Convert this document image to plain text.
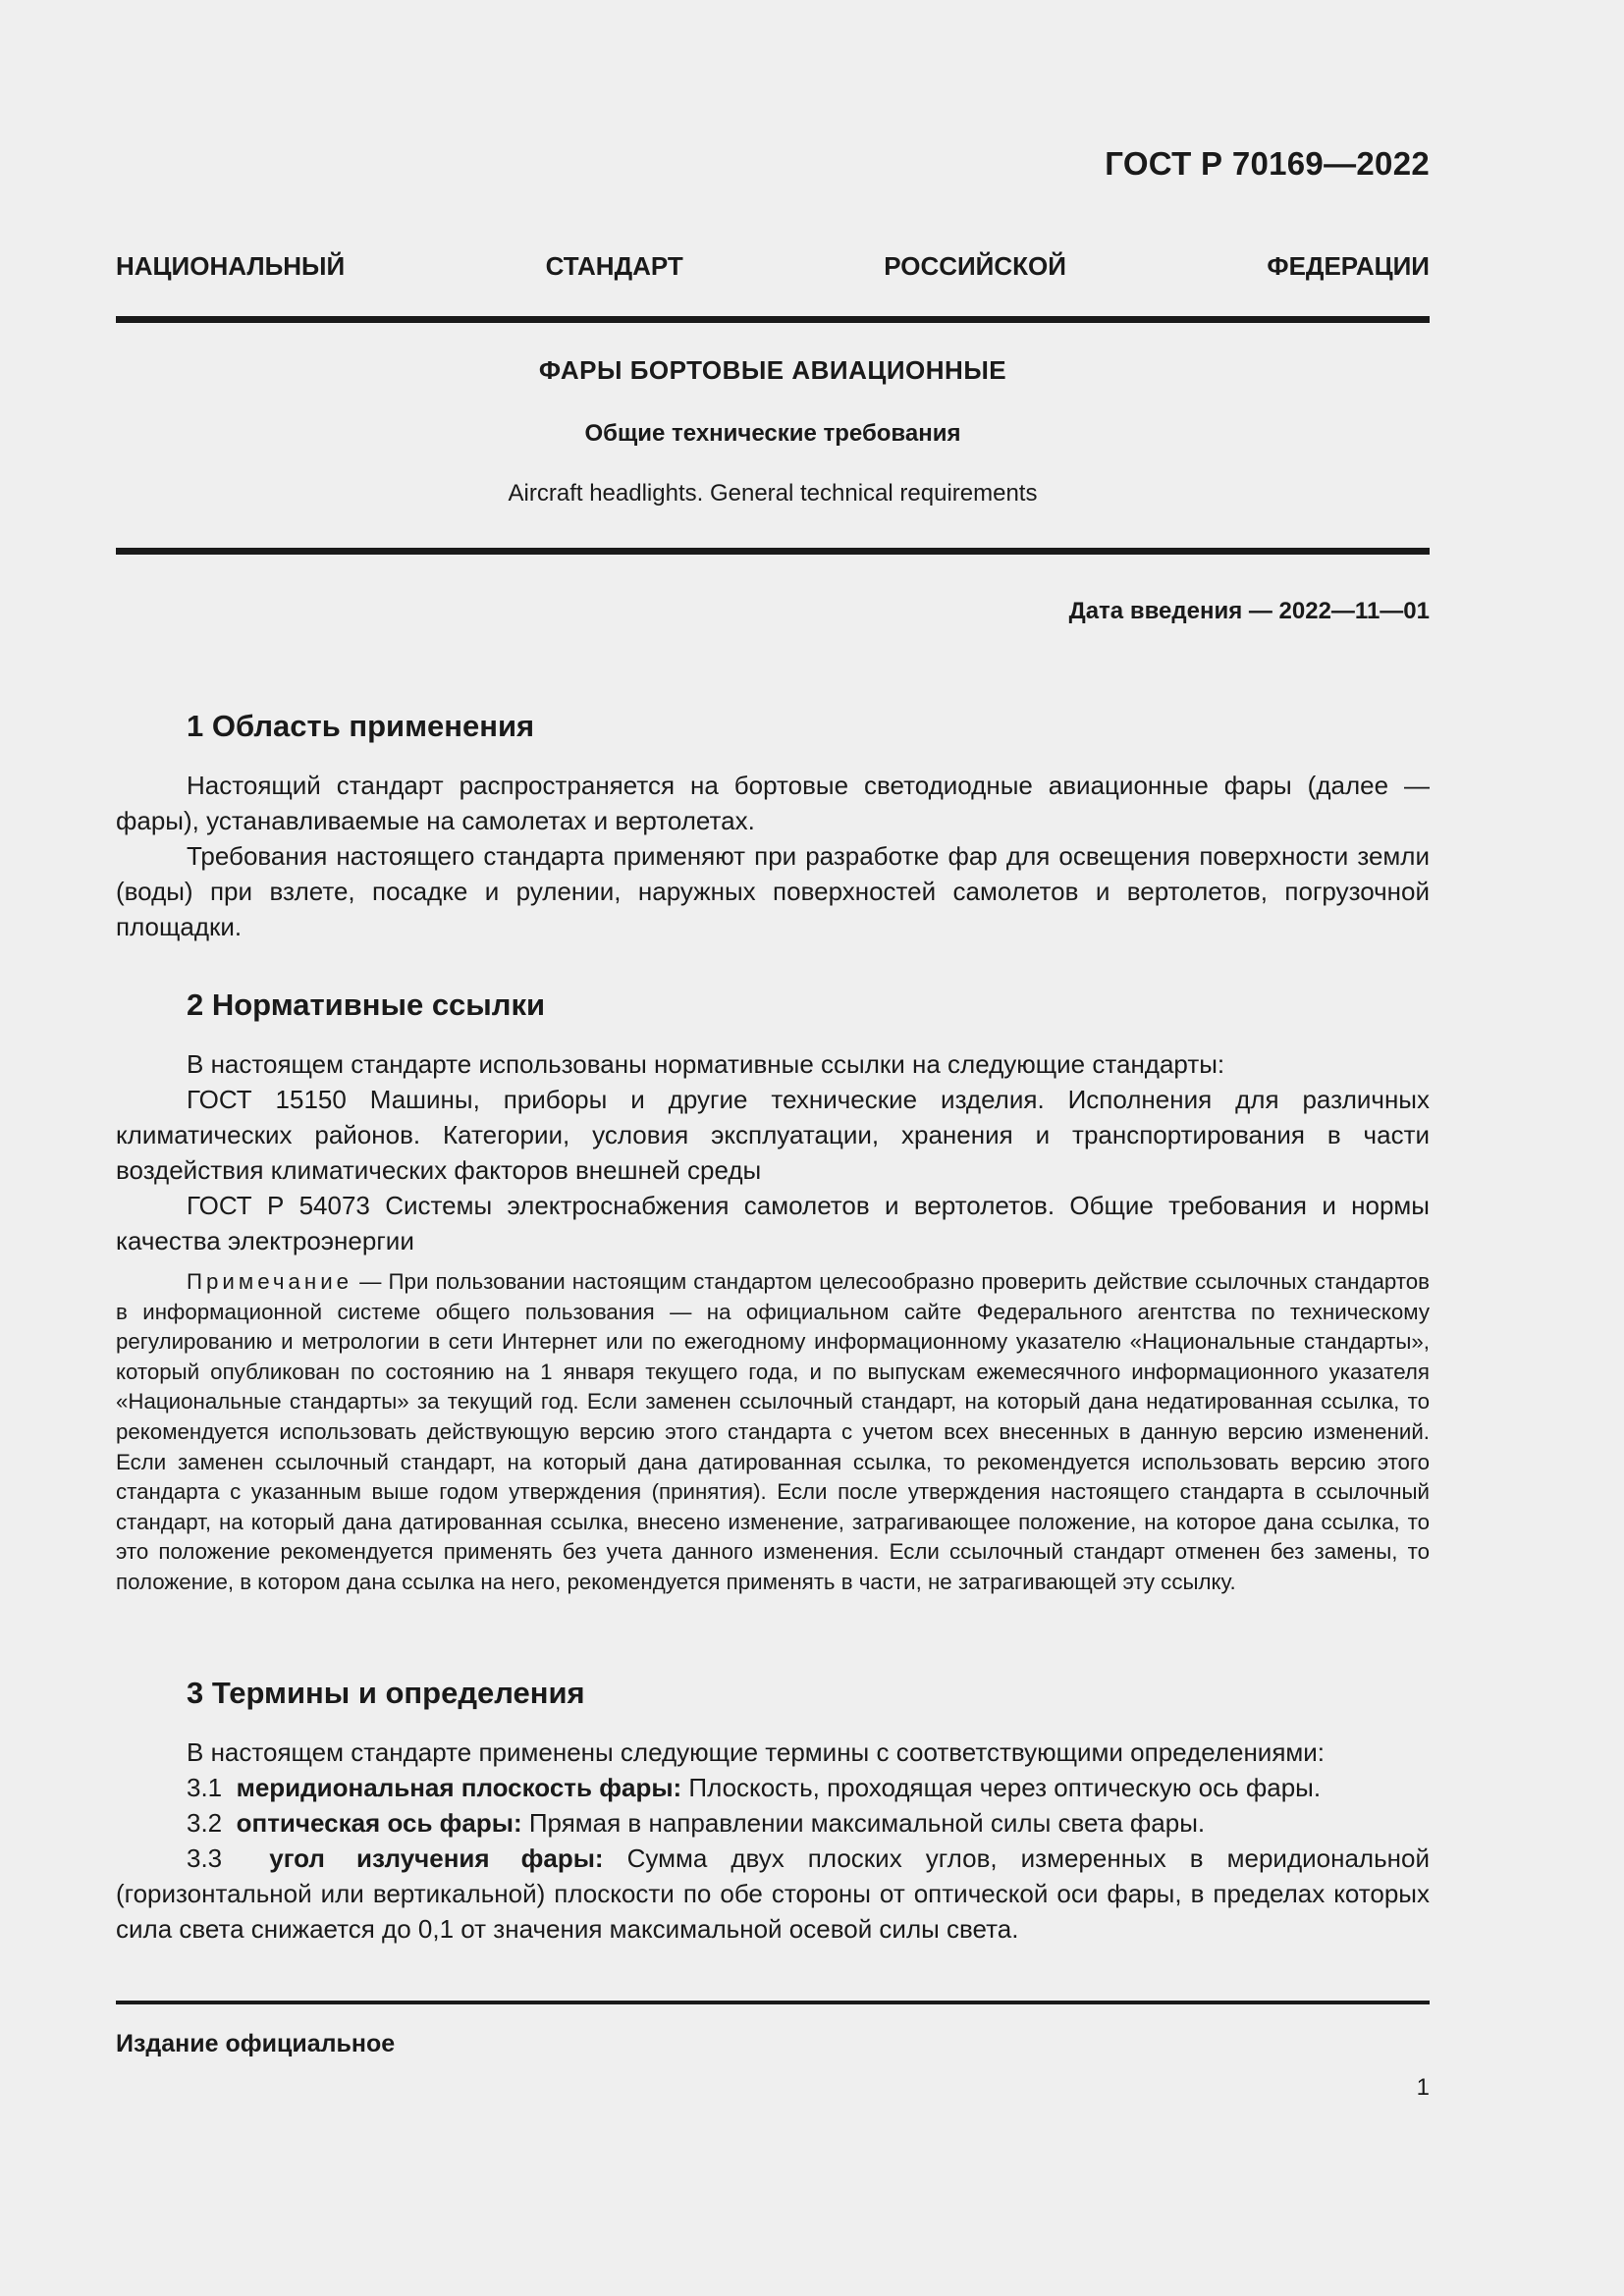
ГОСТ Р 70169—2022
НАЦИОНАЛЬНЫЙ СТАНДАРТ РОССИЙСКОЙ ФЕДЕРАЦИИ
ФАРЫ БОРТОВЫЕ АВИАЦИОННЫЕ
Общие технические требования
Aircraft headlights. General technical requirements
Дата введения — 2022—11—01
1 Область применения

Настоящий стандарт распространяется на бортовые светодиодные авиационные фары (далее — фары), устанавливаемые на самолетах и вертолетах.

Требования настоящего стандарта применяют при разработке фар для освещения поверхности земли (воды) при взлете, посадке и рулении, наружных поверхностей самолетов и вертолетов, погрузочной площадки.

2 Нормативные ссылки

В настоящем стандарте использованы нормативные ссылки на следующие стандарты:

ГОСТ 15150 Машины, приборы и другие технические изделия. Исполнения для различных климатических районов. Категории, условия эксплуатации, хранения и транспортирования в части воздействия климатических факторов внешней среды

ГОСТ Р 54073 Системы электроснабжения самолетов и вертолетов. Общие требования и нормы качества электроэнергии

Примечание — При пользовании настоящим стандартом целесообразно проверить действие ссылочных стандартов в информационной системе общего пользования — на официальном сайте Федерального агентства по техническому регулированию и метрологии в сети Интернет или по ежегодному информационному указателю «Национальные стандарты», который опубликован по состоянию на 1 января текущего года, и по выпускам ежемесячного информационного указателя «Национальные стандарты» за текущий год. Если заменен ссылочный стандарт, на который дана недатированная ссылка, то рекомендуется использовать действующую версию этого стандарта с учетом всех внесенных в данную версию изменений. Если заменен ссылочный стандарт, на который дана датированная ссылка, то рекомендуется использовать версию этого стандарта с указанным выше годом утверждения (принятия). Если после утверждения настоящего стандарта в ссылочный стандарт, на который дана датированная ссылка, внесено изменение, затрагивающее положение, на которое дана ссылка, то это положение рекомендуется применять без учета данного изменения. Если ссылочный стандарт отменен без замены, то положение, в котором дана ссылка на него, рекомендуется применять в части, не затрагивающей эту ссылку.

3 Термины и определения

В настоящем стандарте применены следующие термины с соответствующими определениями:

3.1 меридиональная плоскость фары: Плоскость, проходящая через оптическую ось фары.

3.2 оптическая ось фары: Прямая в направлении максимальной силы света фары.

3.3 угол излучения фары: Сумма двух плоских углов, измеренных в меридиональной (горизонтальной или вертикальной) плоскости по обе стороны от оптической оси фары, в пределах которых сила света снижается до 0,1 от значения максимальной осевой силы света.

Издание официальное
1
